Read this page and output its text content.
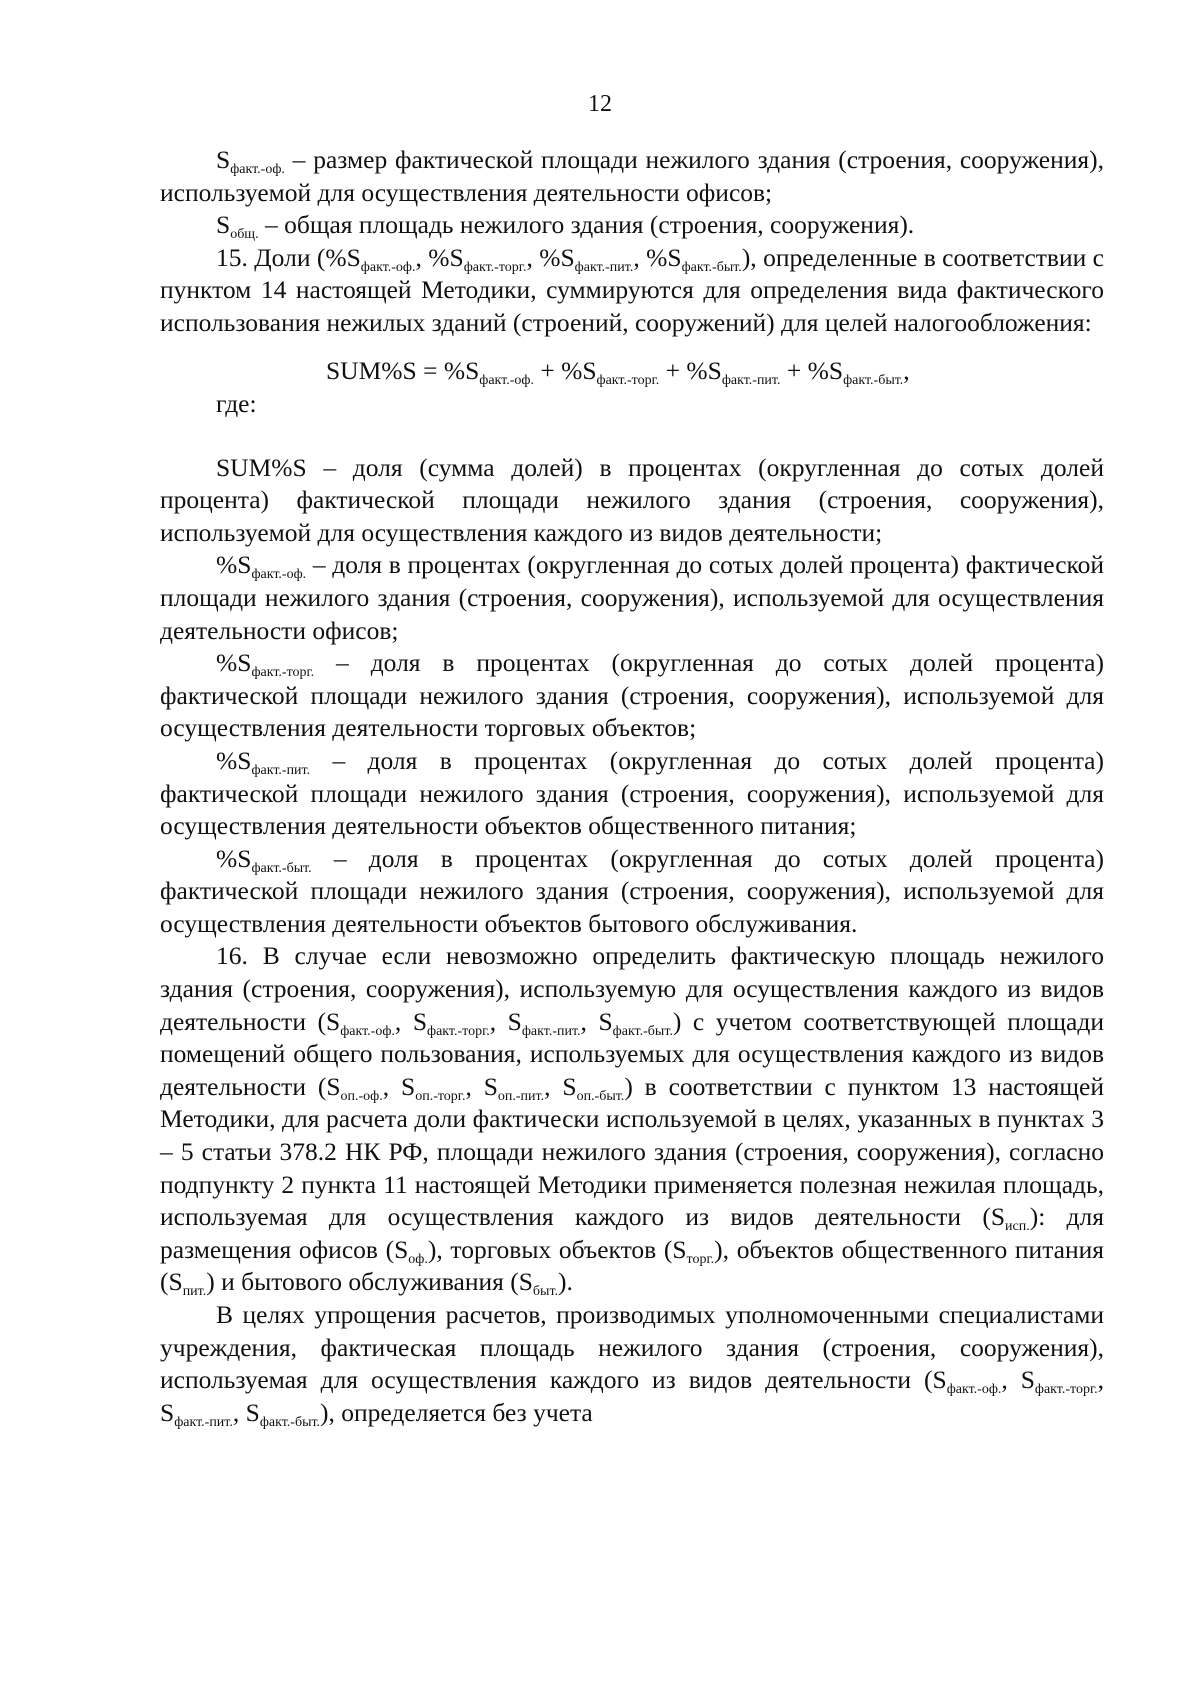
12

$S_{факт.-оф.}$ – размер фактической площади нежилого здания (строения, сооружения), используемой для осуществления деятельности офисов;

$S_{общ.}$ – общая площадь нежилого здания (строения, сооружения).

15. Доли ($\%S_{факт.-оф.}$, $\%S_{факт.-торг.}$, $\%S_{факт.-пит.}$, $\%S_{факт.-быт.}$), определенные в соответствии с пунктом 14 настоящей Методики, суммируются для определения вида фактического использования нежилых зданий (строений, сооружений) для целей налогообложения:

$SUM\%S = \%S_{факт.-оф.} + \%S_{факт.-торг.} + \%S_{факт.-пит.} + \%S_{факт.-быт.}$,

где:

SUM%S – доля (сумма долей) в процентах (округленная до сотых долей процента) фактической площади нежилого здания (строения, сооружения), используемой для осуществления каждого из видов деятельности;

$\%S_{факт.-оф.}$ – доля в процентах (округленная до сотых долей процента) фактической площади нежилого здания (строения, сооружения), используемой для осуществления деятельности офисов;

$\%S_{факт.-торг.}$ – доля в процентах (округленная до сотых долей процента) фактической площади нежилого здания (строения, сооружения), используемой для осуществления деятельности торговых объектов;

$\%S_{факт.-пит.}$ – доля в процентах (округленная до сотых долей процента) фактической площади нежилого здания (строения, сооружения), используемой для осуществления деятельности объектов общественного питания;

$\%S_{факт.-быт.}$ – доля в процентах (округленная до сотых долей процента) фактической площади нежилого здания (строения, сооружения), используемой для осуществления деятельности объектов бытового обслуживания.

16. В случае если невозможно определить фактическую площадь нежилого здания (строения, сооружения), используемую для осуществления каждого из видов деятельности ($S_{факт.-оф.}$, $S_{факт.-торг.}$, $S_{факт.-пит.}$, $S_{факт.-быт.}$) с учетом соответствующей площади помещений общего пользования, используемых для осуществления каждого из видов деятельности ($S_{оп.-оф.}$, $S_{оп.-торг.}$, $S_{оп.-пит.}$, $S_{оп.-быт.}$) в соответствии с пунктом 13 настоящей Методики, для расчета доли фактически используемой в целях, указанных в пунктах 3 – 5 статьи 378.2 НК РФ, площади нежилого здания (строения, сооружения), согласно подпункту 2 пункта 11 настоящей Методики применяется полезная нежилая площадь, используемая для осуществления каждого из видов деятельности $(S_{исп.})$: для размещения офисов $(S_{оф.})$, торговых объектов $(S_{торг.})$, объектов общественного питания $(S_{пит.})$ и бытового обслуживания $(S_{быт.})$.

В целях упрощения расчетов, производимых уполномоченными специалистами учреждения, фактическая площадь нежилого здания (строения, сооружения), используемая для осуществления каждого из видов деятельности ($S_{факт.-оф.}$, $S_{факт.-торг.}$, $S_{факт.-пит.}$, $S_{факт.-быт.}$), определяется без учета
